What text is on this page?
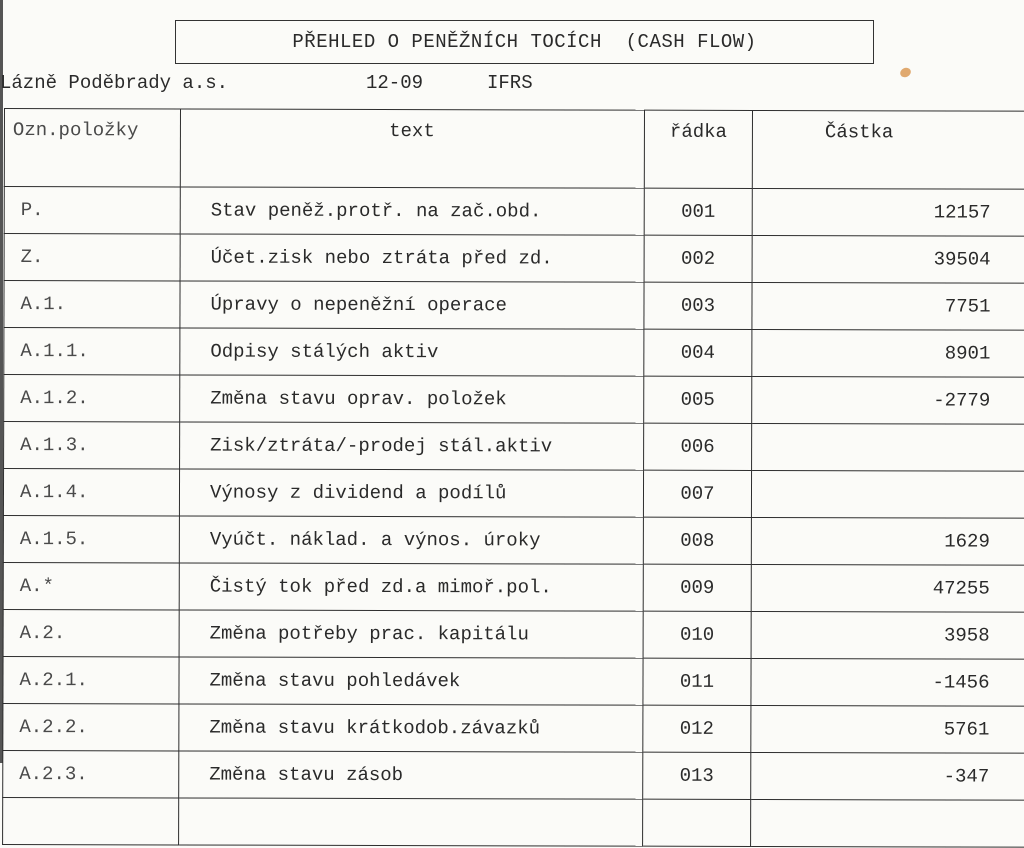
PŘEHLED O PENĚŽNÍCH TOCÍCH  (CASH FLOW)
Lázně Poděbrady a.s.	12-09	IFRS
Ozn.položky	text	řádka	Částka
P.	Stav peněž.protř. na zač.obd.	001	12157
Z.	Účet.zisk nebo ztráta před zd.	002	39504
A.1.	Úpravy o nepeněžní operace	003	7751
A.1.1.	Odpisy stálých aktiv	004	8901
A.1.2.	Změna stavu oprav. položek	005	-2779
A.1.3.	Zisk/ztráta/-prodej stál.aktiv	006	
A.1.4.	Výnosy z dividend a podílů	007	
A.1.5.	Vyúčt. náklad. a výnos. úroky	008	1629
A.*	Čistý tok před zd.a mimoř.pol.	009	47255
A.2.	Změna potřeby prac. kapitálu	010	3958
A.2.1.	Změna stavu pohledávek	011	-1456
A.2.2.	Změna stavu krátkodob.závazků	012	5761
A.2.3.	Změna stavu zásob	013	-347
